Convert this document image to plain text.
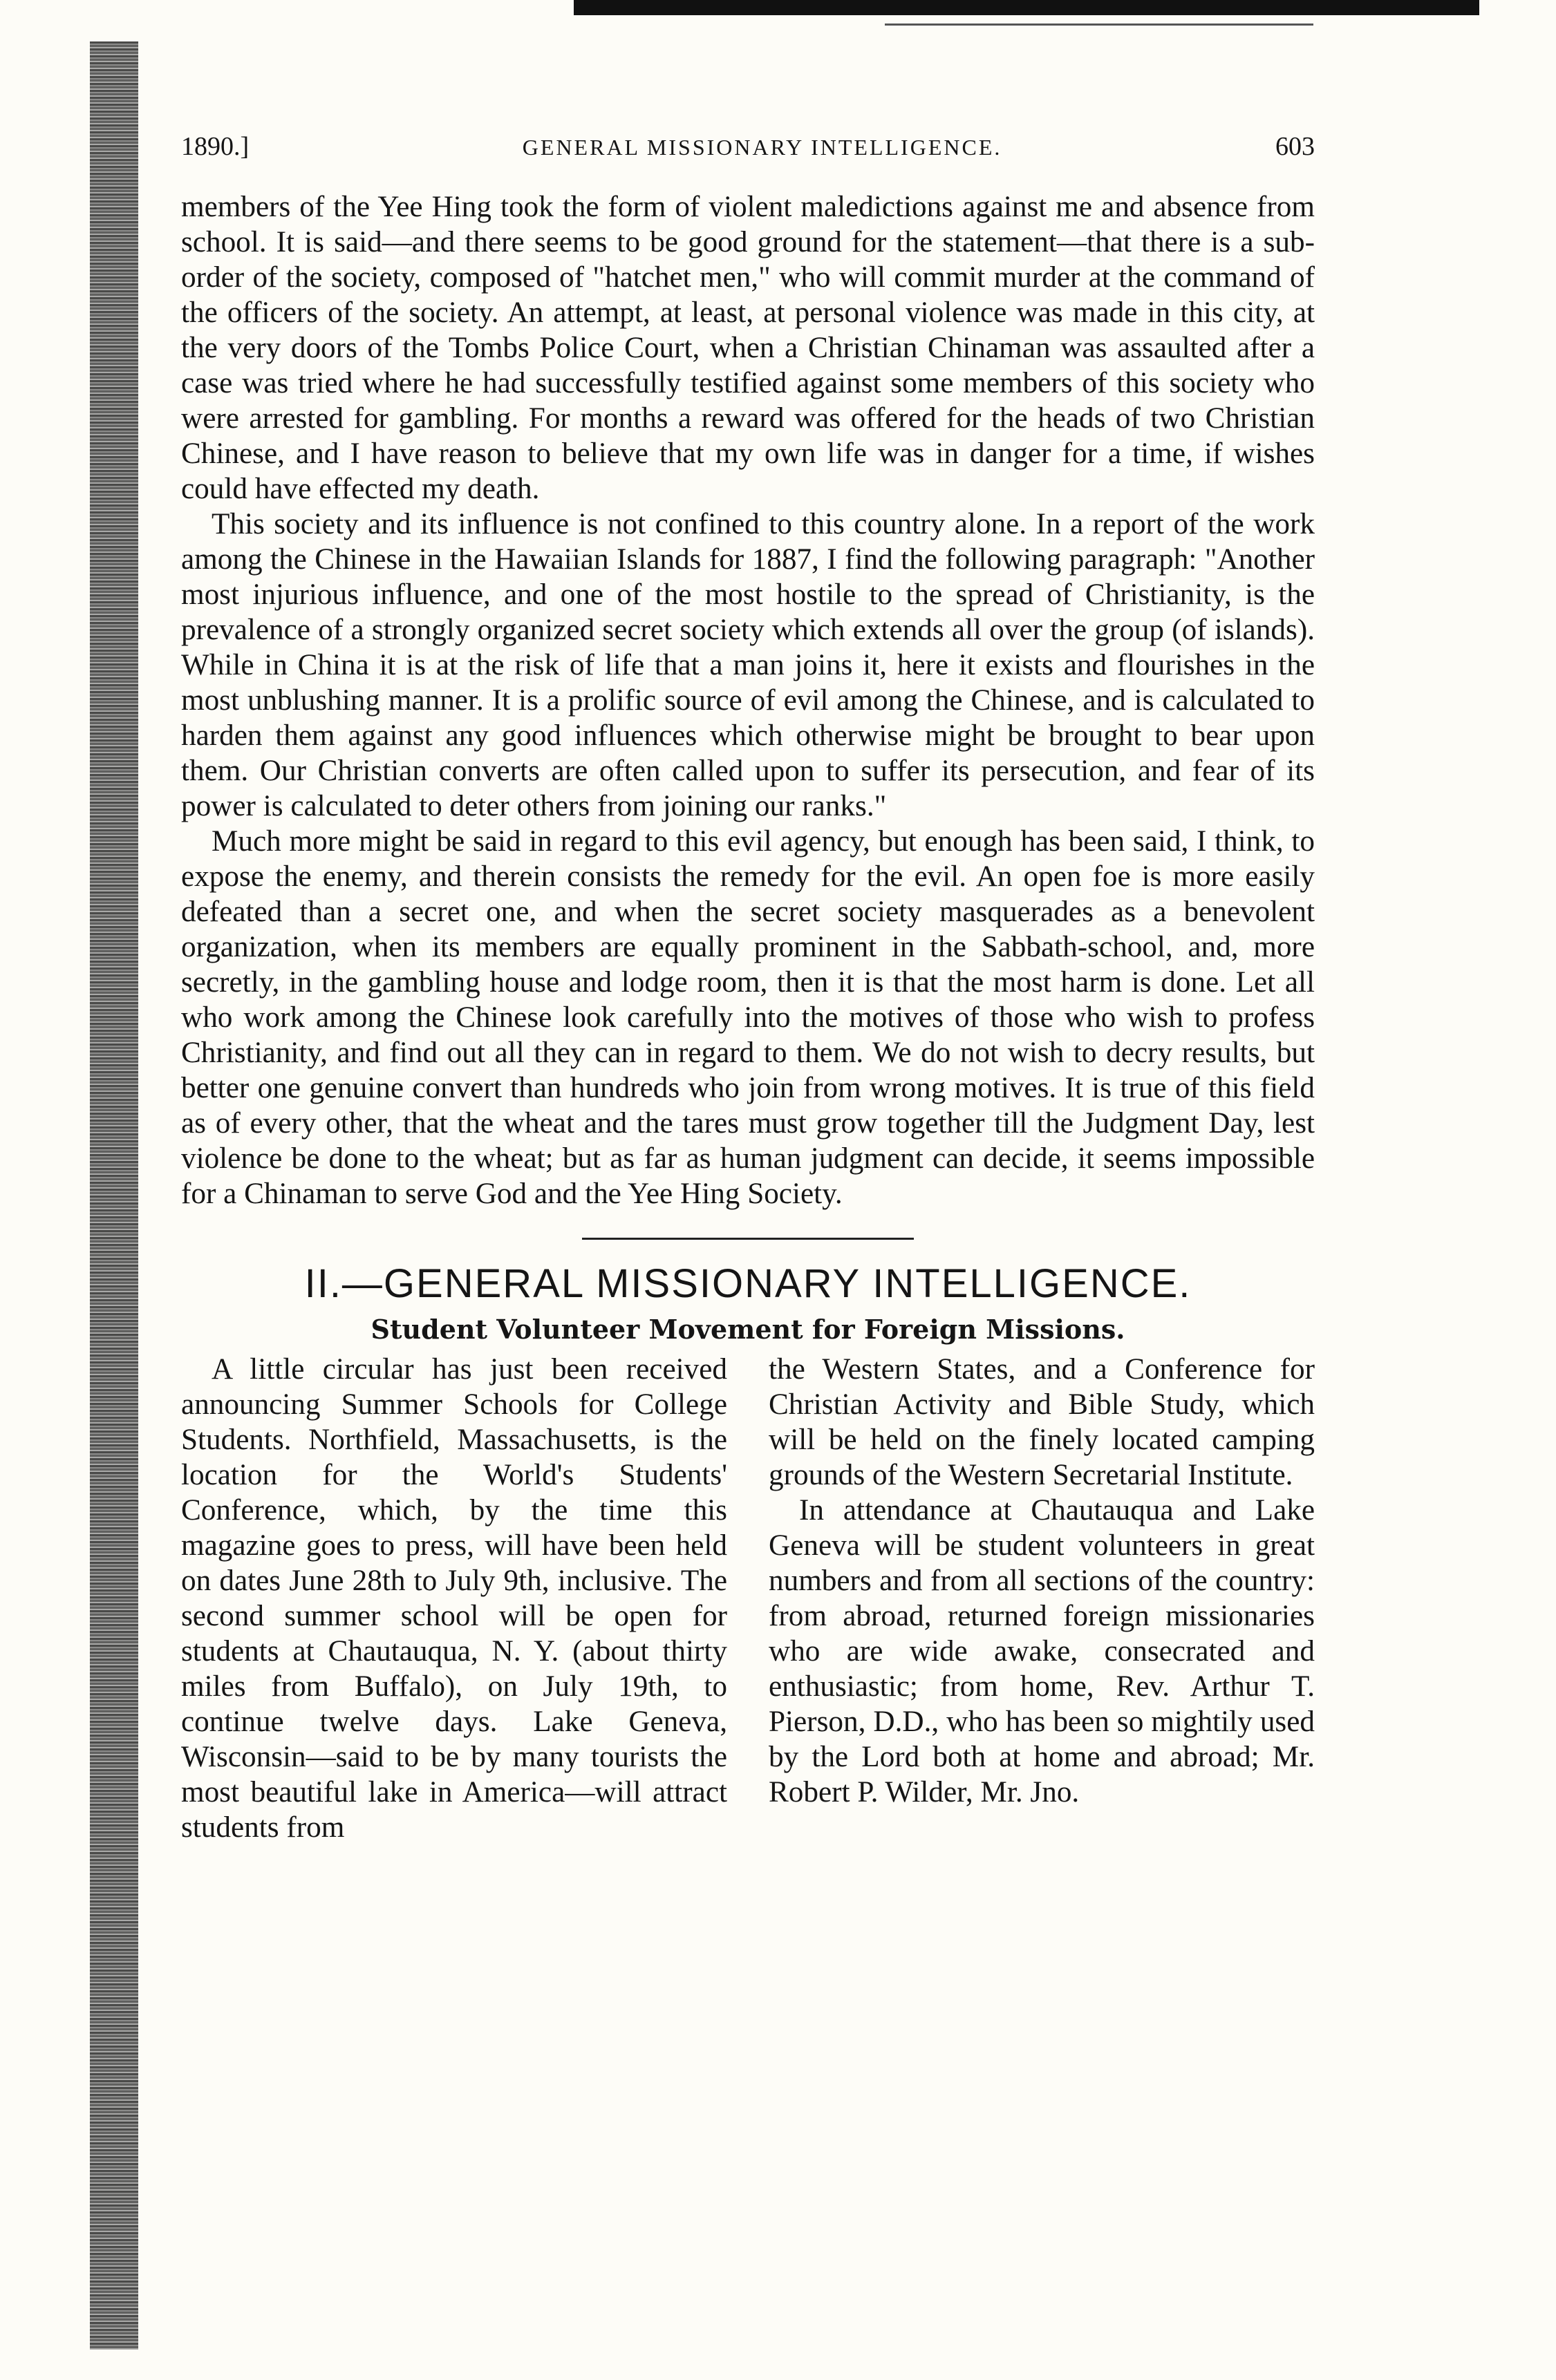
1890.]	GENERAL MISSIONARY INTELLIGENCE.	603

members of the Yee Hing took the form of violent maledictions against me and absence from school. It is said—and there seems to be good ground for the statement—that there is a sub-order of the society, composed of "hatchet men," who will commit murder at the command of the officers of the society. An attempt, at least, at personal violence was made in this city, at the very doors of the Tombs Police Court, when a Christian Chinaman was assaulted after a case was tried where he had successfully testified against some members of this society who were arrested for gambling. For months a reward was offered for the heads of two Christian Chinese, and I have reason to believe that my own life was in danger for a time, if wishes could have effected my death.

This society and its influence is not confined to this country alone. In a report of the work among the Chinese in the Hawaiian Islands for 1887, I find the following paragraph: "Another most injurious influence, and one of the most hostile to the spread of Christianity, is the prevalence of a strongly organized secret society which extends all over the group (of islands). While in China it is at the risk of life that a man joins it, here it exists and flourishes in the most unblushing manner. It is a prolific source of evil among the Chinese, and is calculated to harden them against any good influences which otherwise might be brought to bear upon them. Our Christian converts are often called upon to suffer its persecution, and fear of its power is calculated to deter others from joining our ranks."

Much more might be said in regard to this evil agency, but enough has been said, I think, to expose the enemy, and therein consists the remedy for the evil. An open foe is more easily defeated than a secret one, and when the secret society masquerades as a benevolent organization, when its members are equally prominent in the Sabbath-school, and, more secretly, in the gambling house and lodge room, then it is that the most harm is done. Let all who work among the Chinese look carefully into the motives of those who wish to profess Christianity, and find out all they can in regard to them. We do not wish to decry results, but better one genuine convert than hundreds who join from wrong motives. It is true of this field as of every other, that the wheat and the tares must grow together till the Judgment Day, lest violence be done to the wheat; but as far as human judgment can decide, it seems impossible for a Chinaman to serve God and the Yee Hing Society.

II.—GENERAL MISSIONARY INTELLIGENCE.
Student Volunteer Movement for Foreign Missions.

A little circular has just been received announcing Summer Schools for College Students. Northfield, Massachusetts, is the location for the World's Students' Conference, which, by the time this magazine goes to press, will have been held on dates June 28th to July 9th, inclusive. The second summer school will be open for students at Chautauqua, N. Y. (about thirty miles from Buffalo), on July 19th, to continue twelve days. Lake Geneva, Wisconsin—said to be by many tourists the most beautiful lake in America—will attract students from

the Western States, and a Conference for Christian Activity and Bible Study, which will be held on the finely located camping grounds of the Western Secretarial Institute.

In attendance at Chautauqua and Lake Geneva will be student volunteers in great numbers and from all sections of the country: from abroad, returned foreign missionaries who are wide awake, consecrated and enthusiastic; from home, Rev. Arthur T. Pierson, D.D., who has been so mightily used by the Lord both at home and abroad; Mr. Robert P. Wilder, Mr. Jno.
